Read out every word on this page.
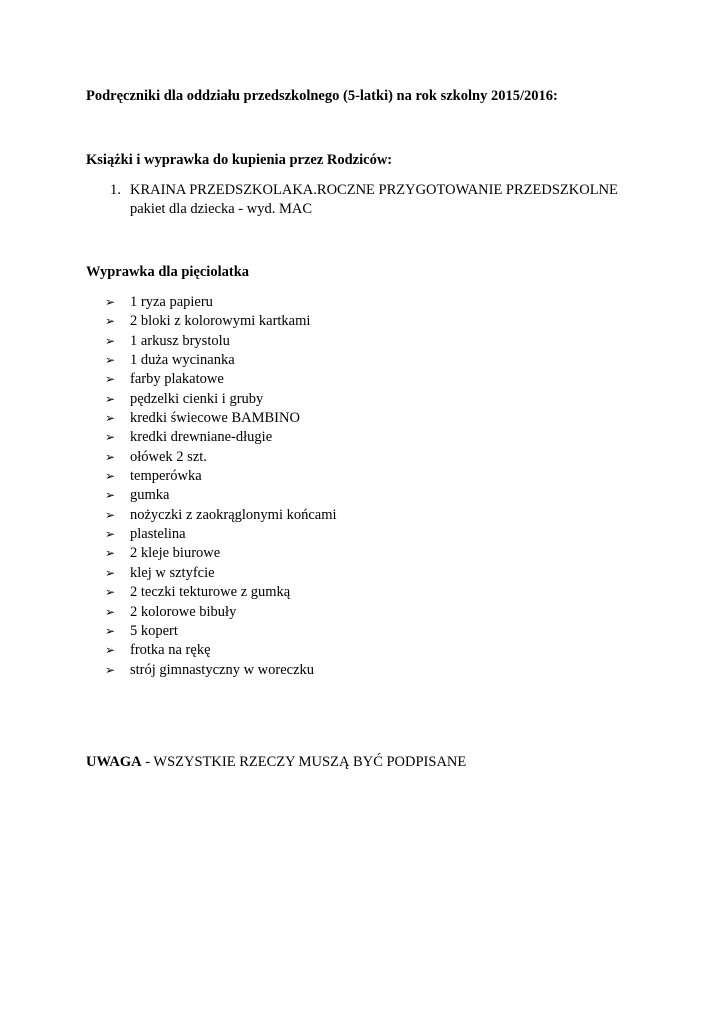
Podręczniki dla oddziału przedszkolnego (5-latki) na rok szkolny 2015/2016:
Książki i wyprawka do kupienia przez Rodziców:
1. KRAINA PRZEDSZKOLAKA.ROCZNE PRZYGOTOWANIE PRZEDSZKOLNE
pakiet dla dziecka - wyd. MAC
Wyprawka dla pięciolatka
➢	1 ryza papieru
➢	2 bloki z kolorowymi kartkami
➢	1 arkusz brystolu
➢	1 duża wycinanka
➢	farby plakatowe
➢	pędzelki cienki i gruby
➢	kredki świecowe BAMBINO
➢	kredki drewniane-długie
➢	ołówek 2 szt.
➢	temperówka
➢	gumka
➢	nożyczki z zaokrąglonymi końcami
➢	plastelina
➢	2 kleje biurowe
➢	klej w sztyfcie
➢	2 teczki tekturowe z gumką
➢	2 kolorowe bibuły
➢	5 kopert
➢	frotka na rękę
➢	strój gimnastyczny w woreczku
UWAGA - WSZYSTKIE RZECZY MUSZĄ BYĆ PODPISANE
